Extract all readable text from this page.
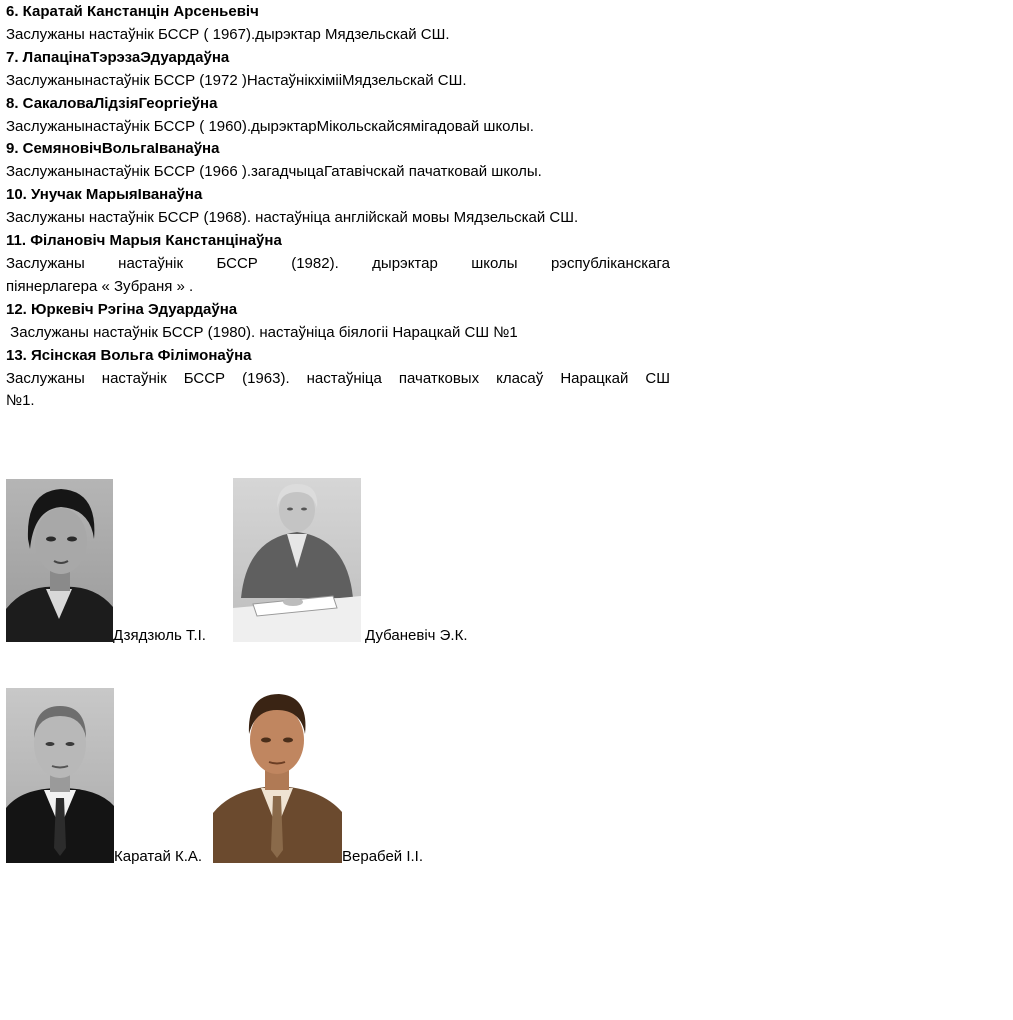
6. Каратай Канстанцін Арсеньевіч
Заслужаны настаўнік БССР ( 1967).дырэктар Мядзельскай СШ.
7. ЛапацінаТэрэзаЭдуардаўна
Заслужанынастаўнік БССР (1972 )НастаўнікхіміiМядзельскай СШ.
8. СакаловаЛідзіяГеоргіеўна
Заслужанынастаўнік БССР ( 1960).дырэктарМікольскайсямігадовай школы.
9. СемяновічВольгаІванаўна
Заслужанынастаўнік БССР (1966 ).загадчыцаГатавічскай пачатковай школы.
10. Унучак МарыяІванаўна
Заслужаны настаўнік БССР (1968). настаўніца англійскай мовы Мядзельскай СШ.
11. Філановіч Марыя Канстанцінаўна
Заслужаны настаўнік БССР (1982). дырэктар школы рэспубліканскага
піянерлагера « Зубраня » .
12. Юркевіч Рэгіна Эдуардаўна
Заслужаны настаўнік БССР (1980). настаўніца біялогіі Нарацкай СШ №1
13. Ясінская Вольга Філімонаўна
Заслужаны настаўнік БССР (1963). настаўніца пачатковых класаў Нарацкай СШ
№1.
Дзядзюль Т.І.	Дубаневіч Э.К.
Каратай К.А.	Верабей І.І.
